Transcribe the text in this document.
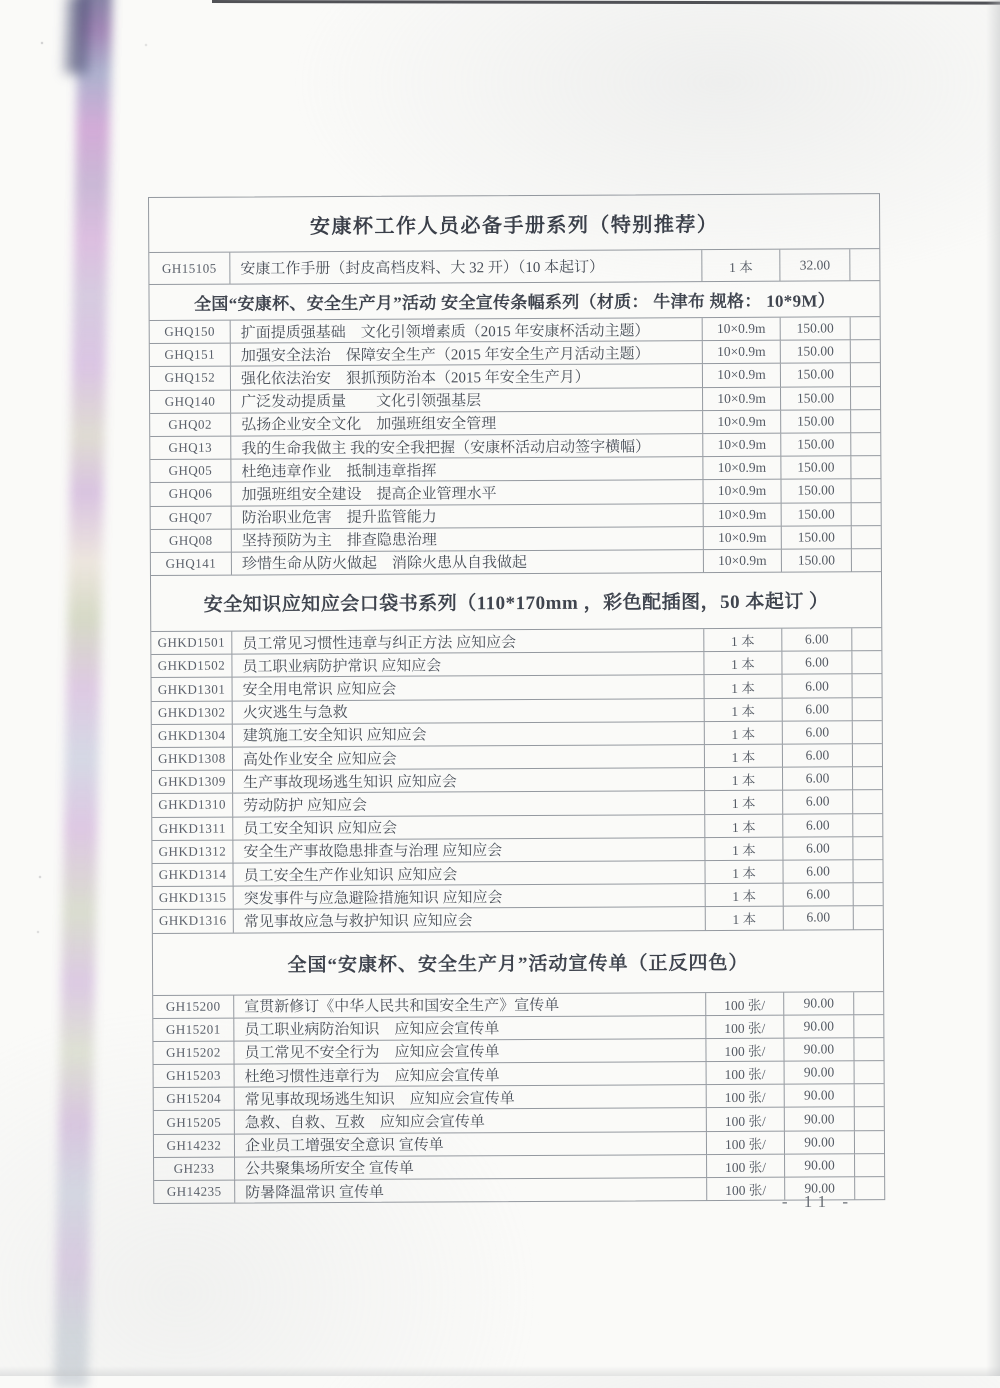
安康杯工作人员必备手册系列（特别推荐）
GH15105	安康工作手册（封皮高档皮料、大 32 开）（10 本起订）	1 本	32.00
全国“安康杯、安全生产月”活动 安全宣传条幅系列（材质： 牛津布 规格： 10*9M）
GHQ150	扩面提质强基础　文化引领增素质（2015 年安康杯活动主题）	10×0.9m	150.00
GHQ151	加强安全法治　保障安全生产（2015 年安全生产月活动主题）	10×0.9m	150.00
GHQ152	强化依法治安　狠抓预防治本（2015 年安全生产月）	10×0.9m	150.00
GHQ140	广泛发动提质量　　文化引领强基层	10×0.9m	150.00
GHQ02	弘扬企业安全文化　加强班组安全管理	10×0.9m	150.00
GHQ13	我的生命我做主 我的安全我把握（安康杯活动启动签字横幅）	10×0.9m	150.00
GHQ05	杜绝违章作业　抵制违章指挥	10×0.9m	150.00
GHQ06	加强班组安全建设　提高企业管理水平	10×0.9m	150.00
GHQ07	防治职业危害　提升监管能力	10×0.9m	150.00
GHQ08	坚持预防为主　排查隐患治理	10×0.9m	150.00
GHQ141	珍惜生命从防火做起　消除火患从自我做起	10×0.9m	150.00
安全知识应知应会口袋书系列（110*170mm ，彩色配插图，50 本起订 ）
GHKD1501	员工常见习惯性违章与纠正方法 应知应会	1 本	6.00
GHKD1502	员工职业病防护常识 应知应会	1 本	6.00
GHKD1301	安全用电常识 应知应会	1 本	6.00
GHKD1302	火灾逃生与急救	1 本	6.00
GHKD1304	建筑施工安全知识 应知应会	1 本	6.00
GHKD1308	高处作业安全 应知应会	1 本	6.00
GHKD1309	生产事故现场逃生知识 应知应会	1 本	6.00
GHKD1310	劳动防护 应知应会	1 本	6.00
GHKD1311	员工安全知识 应知应会	1 本	6.00
GHKD1312	安全生产事故隐患排查与治理 应知应会	1 本	6.00
GHKD1314	员工安全生产作业知识 应知应会	1 本	6.00
GHKD1315	突发事件与应急避险措施知识 应知应会	1 本	6.00
GHKD1316	常见事故应急与救护知识 应知应会	1 本	6.00
全国“安康杯、安全生产月”活动宣传单（正反四色）
GH15200	宣贯新修订《中华人民共和国安全生产》宣传单	100 张/	90.00
GH15201	员工职业病防治知识　应知应会宣传单	100 张/	90.00
GH15202	员工常见不安全行为　应知应会宣传单	100 张/	90.00
GH15203	杜绝习惯性违章行为　应知应会宣传单	100 张/	90.00
GH15204	常见事故现场逃生知识　应知应会宣传单	100 张/	90.00
GH15205	急救、自救、互救　应知应会宣传单	100 张/	90.00
GH14232	企业员工增强安全意识 宣传单	100 张/	90.00
GH233	公共聚集场所安全 宣传单	100 张/	90.00
GH14235	防暑降温常识 宣传单	100 张/	90.00
- 11 -
